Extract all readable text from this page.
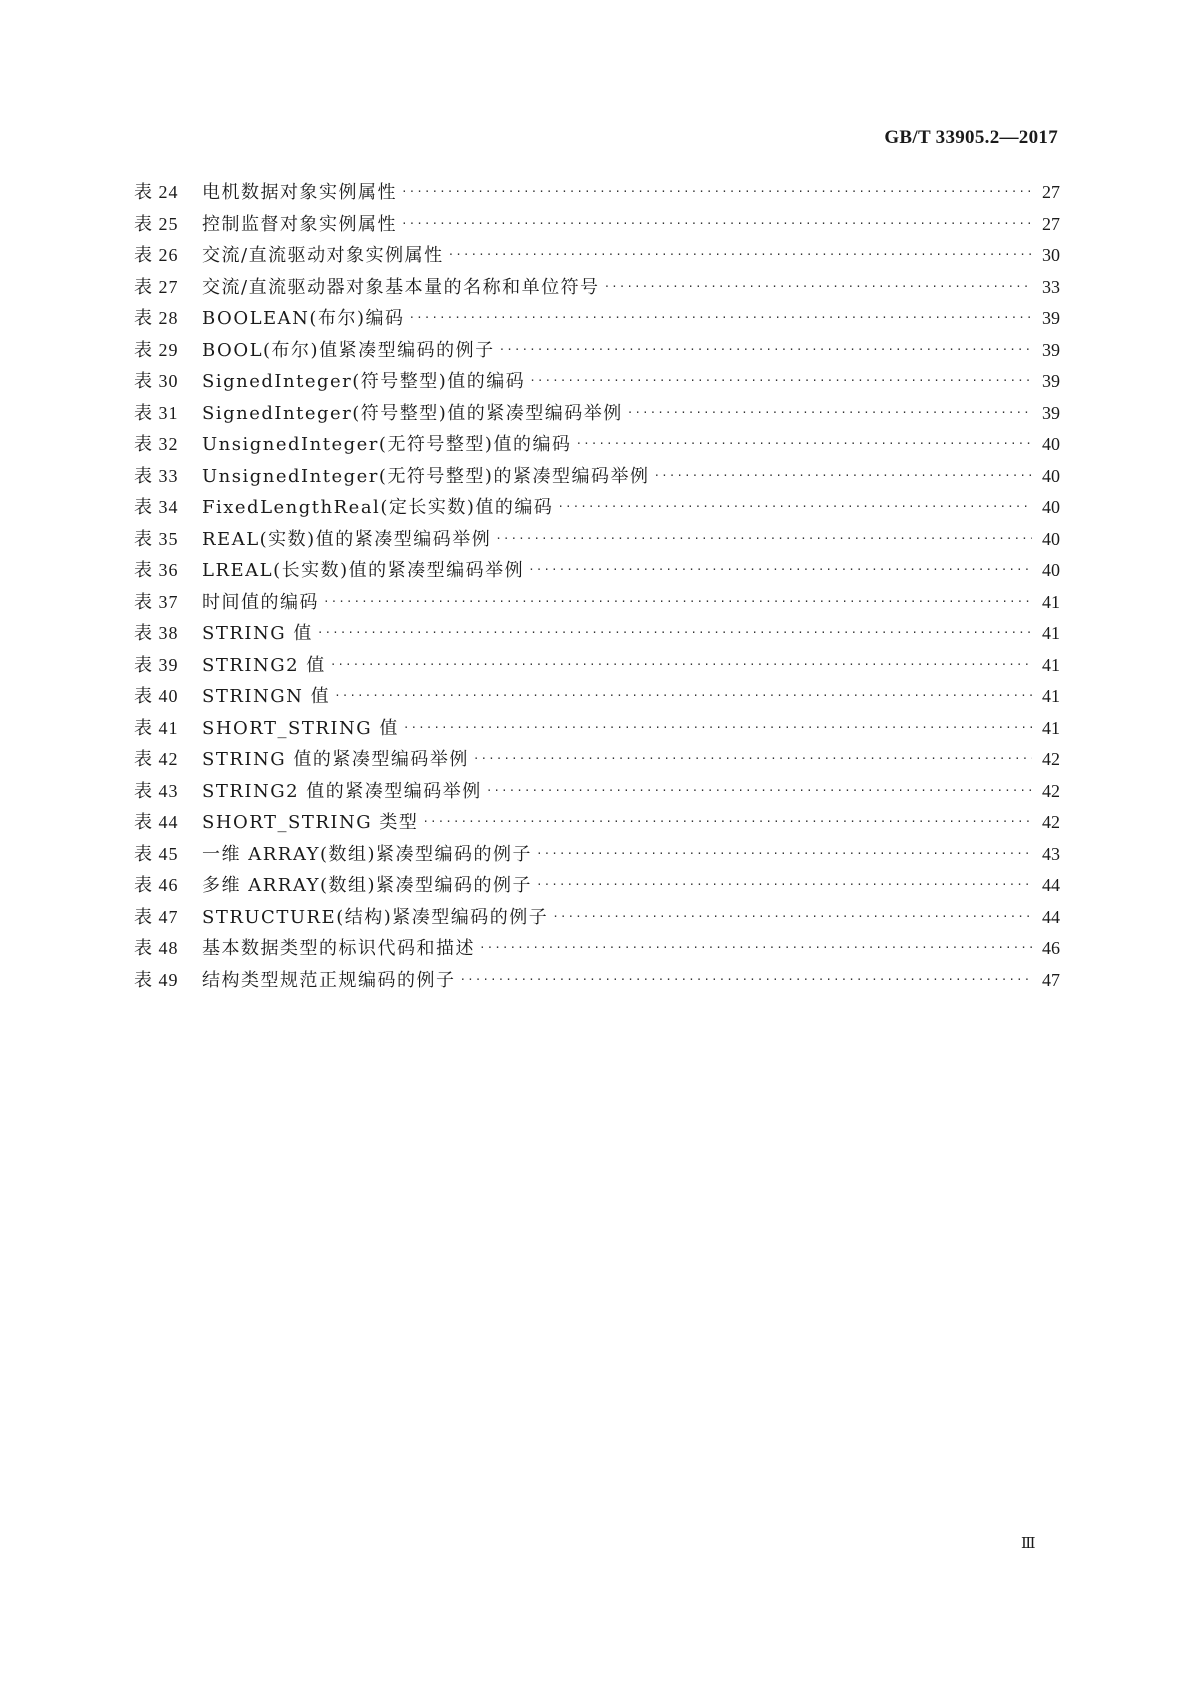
GB/T 33905.2—2017
表 24	电机数据对象实例属性 ·····	27
表 25	控制监督对象实例属性 ·····	27
表 26	交流/直流驱动对象实例属性 ·····	30
表 27	交流/直流驱动器对象基本量的名称和单位符号 ·····	33
表 28	BOOLEAN(布尔)编码 ·····	39
表 29	BOOL(布尔)值紧凑型编码的例子 ·····	39
表 30	SignedInteger(符号整型)值的编码 ·····	39
表 31	SignedInteger(符号整型)值的紧凑型编码举例 ·····	39
表 32	UnsignedInteger(无符号整型)值的编码 ·····	40
表 33	UnsignedInteger(无符号整型)的紧凑型编码举例 ·····	40
表 34	FixedLengthReal(定长实数)值的编码 ·····	40
表 35	REAL(实数)值的紧凑型编码举例 ·····	40
表 36	LREAL(长实数)值的紧凑型编码举例 ·····	40
表 37	时间值的编码 ·····	41
表 38	STRING 值 ·····	41
表 39	STRING2 值 ·····	41
表 40	STRINGN 值 ·····	41
表 41	SHORT_STRING 值 ·····	41
表 42	STRING 值的紧凑型编码举例 ·····	42
表 43	STRING2 值的紧凑型编码举例 ·····	42
表 44	SHORT_STRING 类型 ·····	42
表 45	一维 ARRAY(数组)紧凑型编码的例子 ·····	43
表 46	多维 ARRAY(数组)紧凑型编码的例子 ·····	44
表 47	STRUCTURE(结构)紧凑型编码的例子 ·····	44
表 48	基本数据类型的标识代码和描述 ·····	46
表 49	结构类型规范正规编码的例子 ·····	47
Ⅲ
